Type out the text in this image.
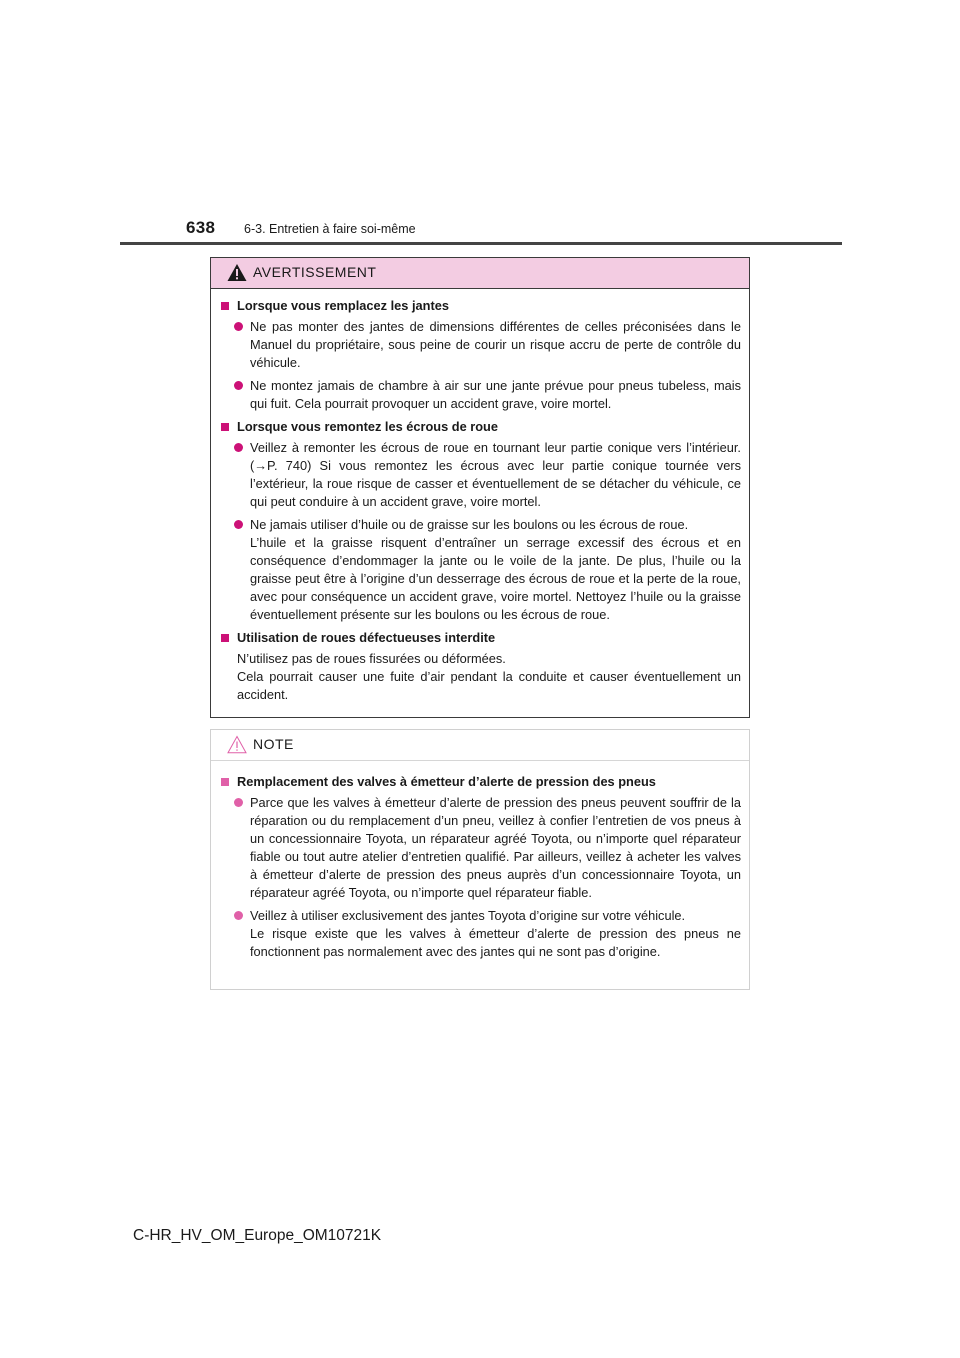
638 6-3. Entretien à faire soi-même
AVERTISSEMENT
Lorsque vous remplacez les jantes
Ne pas monter des jantes de dimensions différentes de celles préconisées dans le Manuel du propriétaire, sous peine de courir un risque accru de perte de contrôle du véhicule.
Ne montez jamais de chambre à air sur une jante prévue pour pneus tubeless, mais qui fuit. Cela pourrait provoquer un accident grave, voire mortel.
Lorsque vous remontez les écrous de roue
Veillez à remonter les écrous de roue en tournant leur partie conique vers l’intérieur. (→P. 740) Si vous remontez les écrous avec leur partie conique tournée vers l’extérieur, la roue risque de casser et éventuellement de se détacher du véhicule, ce qui peut conduire à un accident grave, voire mortel.
Ne jamais utiliser d’huile ou de graisse sur les boulons ou les écrous de roue.
L’huile et la graisse risquent d’entraîner un serrage excessif des écrous et en conséquence d’endommager la jante ou le voile de la jante. De plus, l’huile ou la graisse peut être à l’origine d’un desserrage des écrous de roue et la perte de la roue, avec pour conséquence un accident grave, voire mortel. Nettoyez l’huile ou la graisse éventuellement présente sur les boulons ou les écrous de roue.
Utilisation de roues défectueuses interdite
N’utilisez pas de roues fissurées ou déformées.
Cela pourrait causer une fuite d’air pendant la conduite et causer éventuellement un accident.
NOTE
Remplacement des valves à émetteur d’alerte de pression des pneus
Parce que les valves à émetteur d’alerte de pression des pneus peuvent souffrir de la réparation ou du remplacement d’un pneu, veillez à confier l’entretien de vos pneus à un concessionnaire Toyota, un réparateur agréé Toyota, ou n’importe quel réparateur fiable ou tout autre atelier d’entretien qualifié. Par ailleurs, veillez à acheter les valves à émetteur d’alerte de pression des pneus auprès d’un concessionnaire Toyota, un réparateur agréé Toyota, ou n’importe quel réparateur fiable.
Veillez à utiliser exclusivement des jantes Toyota d’origine sur votre véhicule.
Le risque existe que les valves à émetteur d’alerte de pression des pneus ne fonctionnent pas normalement avec des jantes qui ne sont pas d’origine.
C-HR_HV_OM_Europe_OM10721K
